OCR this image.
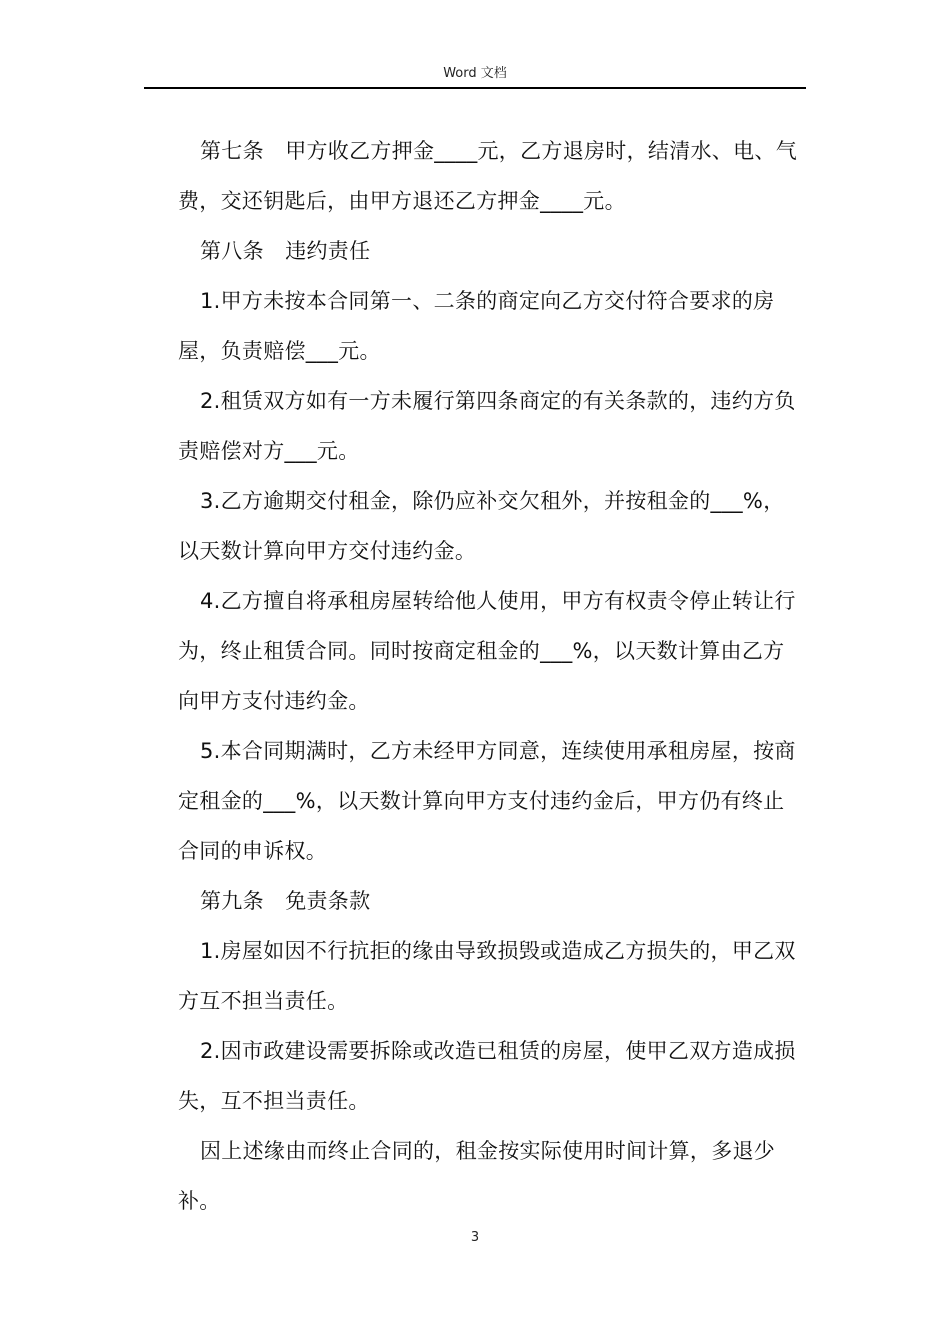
Word 文档

第七条　甲方收乙方押金____元，乙方退房时，结清水、电、气费，交还钥匙后，由甲方退还乙方押金____元。

第八条　违约责任

1.甲方未按本合同第一、二条的商定向乙方交付符合要求的房屋，负责赔偿___元。

2.租赁双方如有一方未履行第四条商定的有关条款的，违约方负责赔偿对方___元。

3.乙方逾期交付租金，除仍应补交欠租外，并按租金的___%，以天数计算向甲方交付违约金。

4.乙方擅自将承租房屋转给他人使用，甲方有权责令停止转让行为，终止租赁合同。同时按商定租金的___%，以天数计算由乙方向甲方支付违约金。

5.本合同期满时，乙方未经甲方同意，连续使用承租房屋，按商定租金的___%，以天数计算向甲方支付违约金后，甲方仍有终止合同的申诉权。

第九条　免责条款

1.房屋如因不行抗拒的缘由导致损毁或造成乙方损失的，甲乙双方互不担当责任。

2.因市政建设需要拆除或改造已租赁的房屋，使甲乙双方造成损失，互不担当责任。

因上述缘由而终止合同的，租金按实际使用时间计算，多退少补。

3
